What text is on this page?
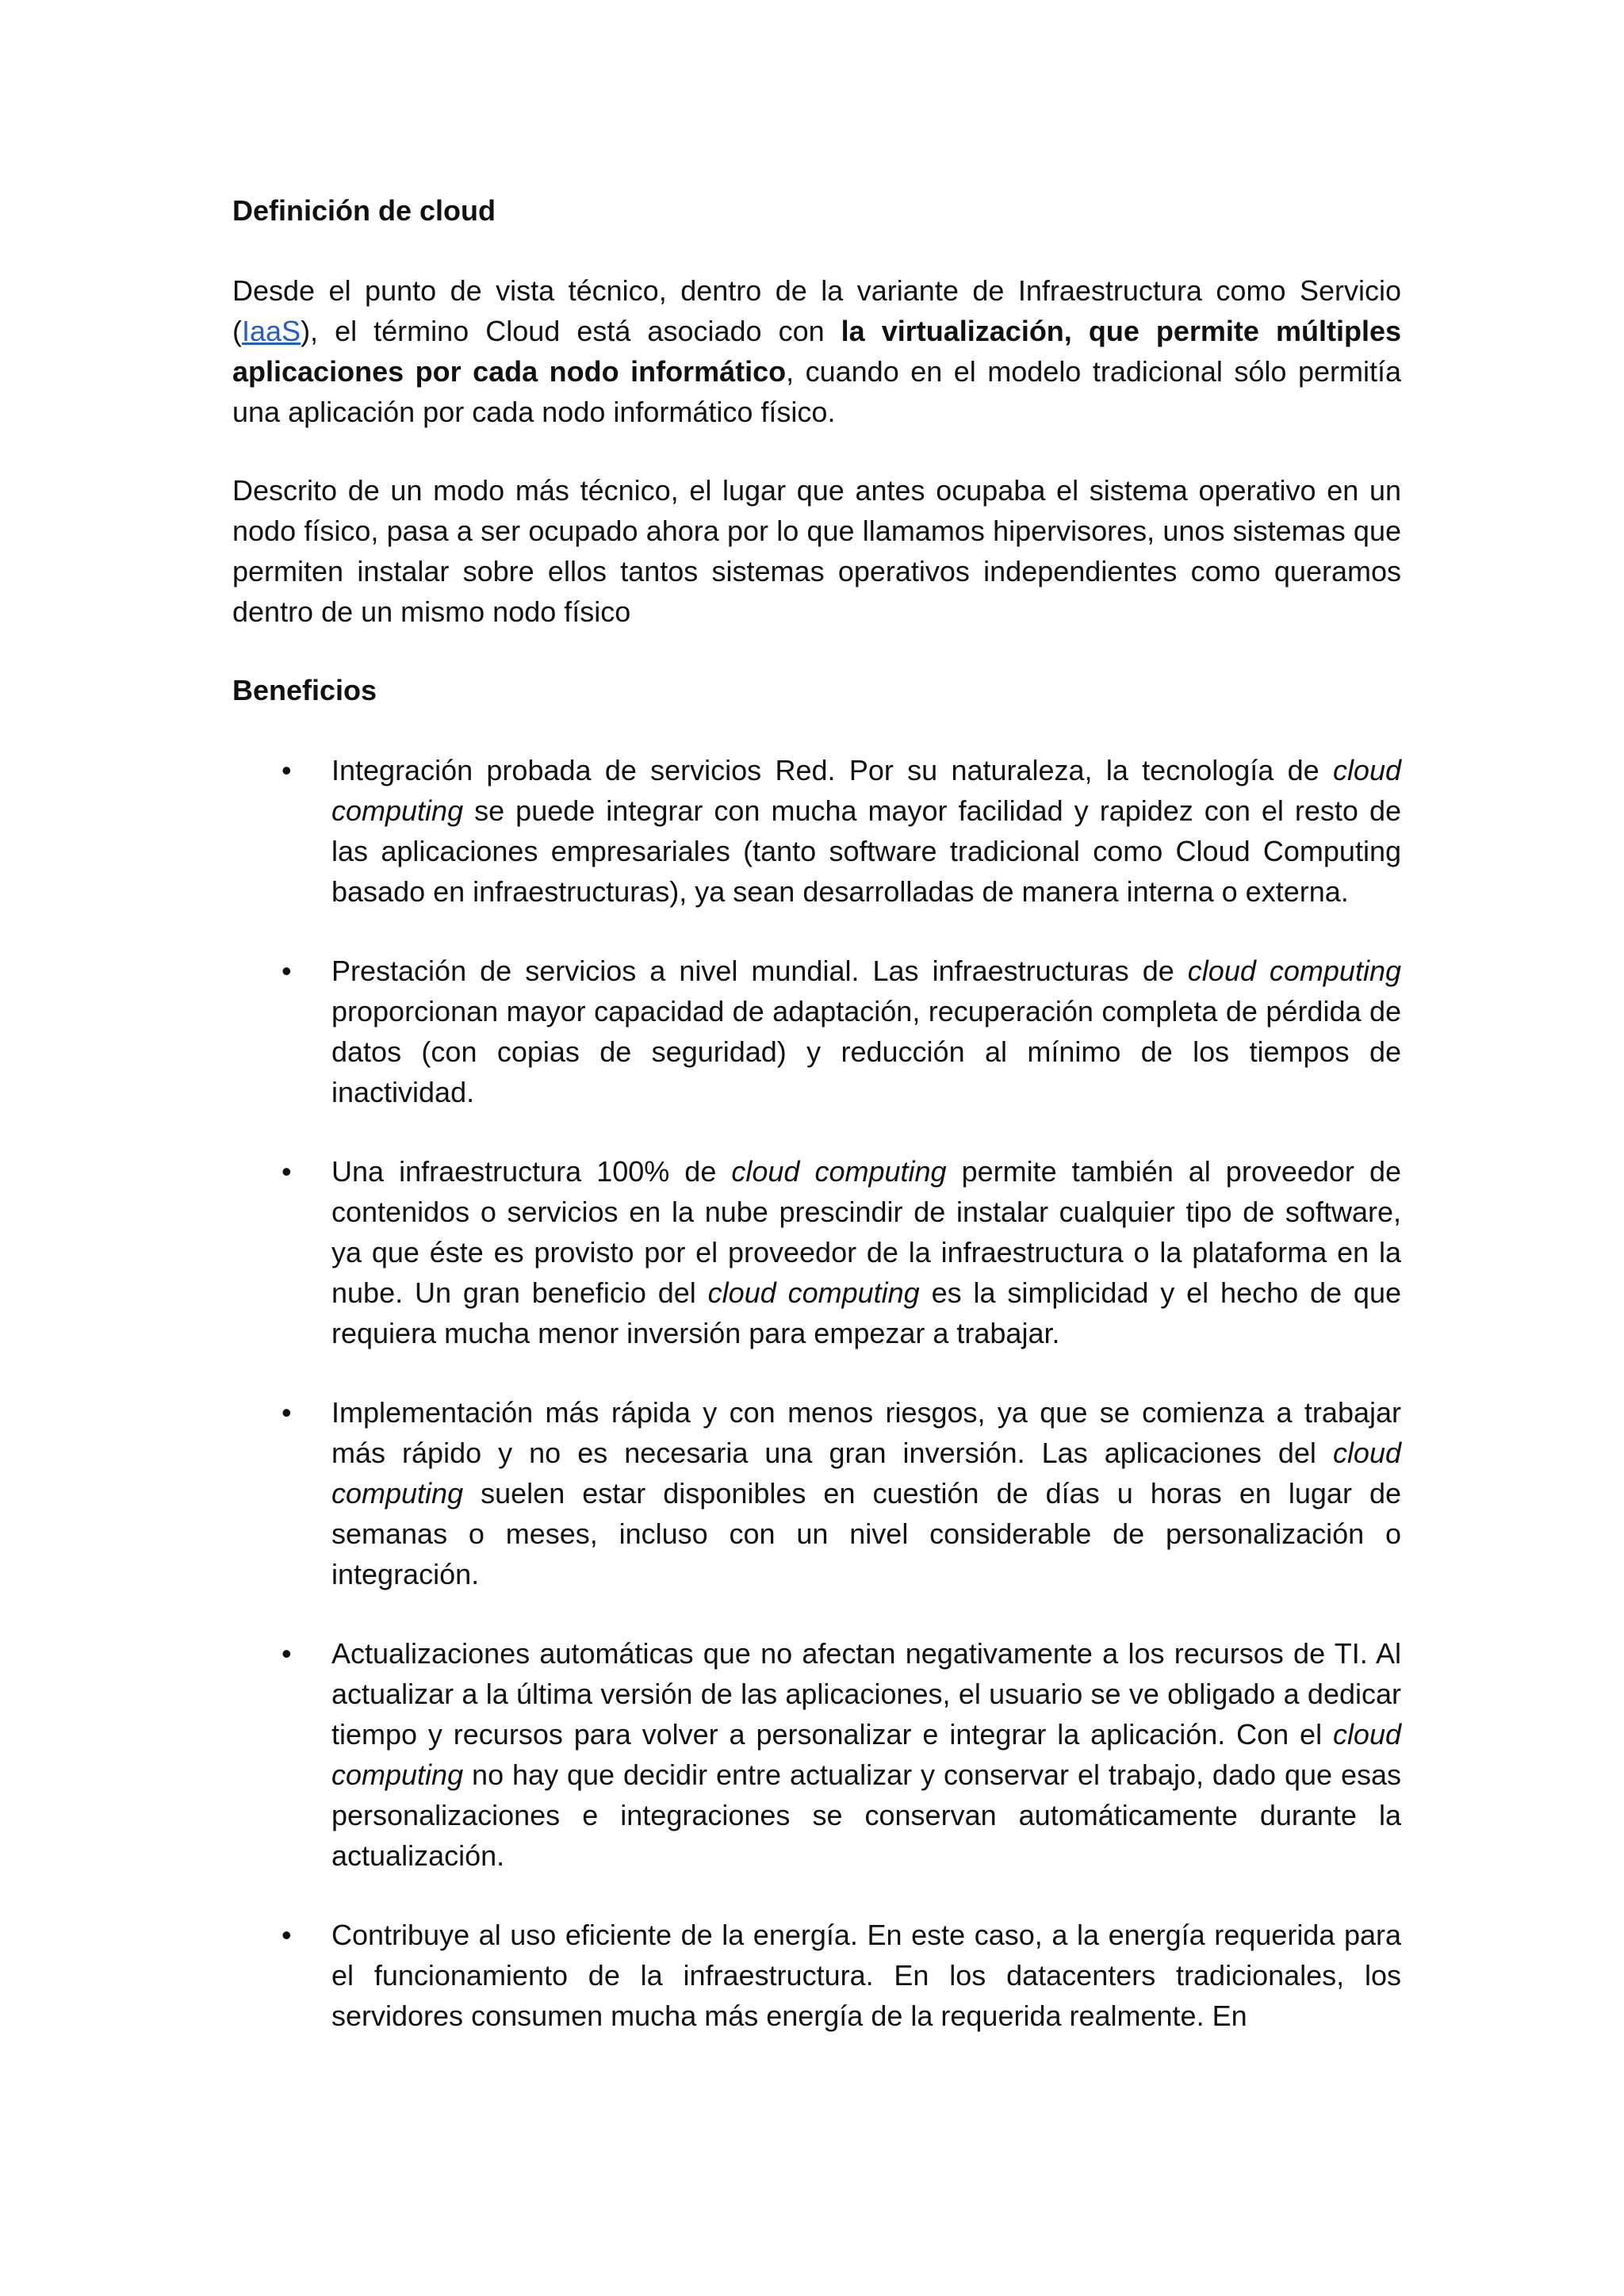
Definición de cloud

Desde el punto de vista técnico, dentro de la variante de Infraestructura como Servicio (IaaS), el término Cloud está asociado con la virtualización, que permite múltiples aplicaciones por cada nodo informático, cuando en el modelo tradicional sólo permitía una aplicación por cada nodo informático físico.

Descrito de un modo más técnico, el lugar que antes ocupaba el sistema operativo en un nodo físico, pasa a ser ocupado ahora por lo que llamamos hipervisores, unos sistemas que permiten instalar sobre ellos tantos sistemas operativos independientes como queramos dentro de un mismo nodo físico

Beneficios
• Integración probada de servicios Red. Por su naturaleza, la tecnología de cloud computing se puede integrar con mucha mayor facilidad y rapidez con el resto de las aplicaciones empresariales (tanto software tradicional como Cloud Computing basado en infraestructuras), ya sean desarrolladas de manera interna o externa.
• Prestación de servicios a nivel mundial. Las infraestructuras de cloud computing proporcionan mayor capacidad de adaptación, recuperación completa de pérdida de datos (con copias de seguridad) y reducción al mínimo de los tiempos de inactividad.
• Una infraestructura 100% de cloud computing permite también al proveedor de contenidos o servicios en la nube prescindir de instalar cualquier tipo de software, ya que éste es provisto por el proveedor de la infraestructura o la plataforma en la nube. Un gran beneficio del cloud computing es la simplicidad y el hecho de que requiera mucha menor inversión para empezar a trabajar.
• Implementación más rápida y con menos riesgos, ya que se comienza a trabajar más rápido y no es necesaria una gran inversión. Las aplicaciones del cloud computing suelen estar disponibles en cuestión de días u horas en lugar de semanas o meses, incluso con un nivel considerable de personalización o integración.
• Actualizaciones automáticas que no afectan negativamente a los recursos de TI. Al actualizar a la última versión de las aplicaciones, el usuario se ve obligado a dedicar tiempo y recursos para volver a personalizar e integrar la aplicación. Con el cloud computing no hay que decidir entre actualizar y conservar el trabajo, dado que esas personalizaciones e integraciones se conservan automáticamente durante la actualización.
• Contribuye al uso eficiente de la energía. En este caso, a la energía requerida para el funcionamiento de la infraestructura. En los datacenters tradicionales, los servidores consumen mucha más energía de la requerida realmente. En
